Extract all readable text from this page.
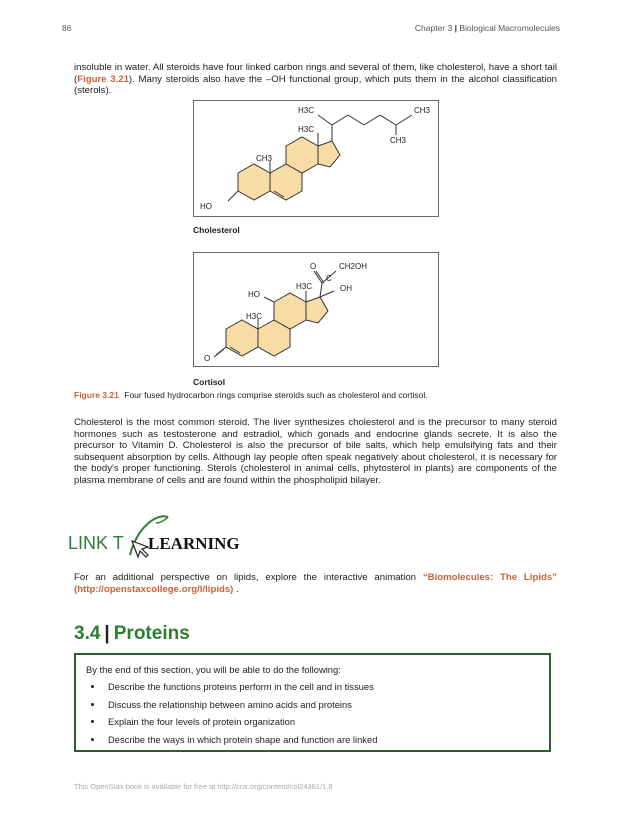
86	Chapter 3 | Biological Macromolecules
insoluble in water. All steroids have four linked carbon rings and several of them, like cholesterol, have a short tail (Figure 3.21). Many steroids also have the –OH functional group, which puts them in the alcohol classification (sterols).
H3C	CH3
CH3
H3C
CH3
HO
Cholesterol
O	CH2OH
C
H3C	OH
HO
H3C
O
Cortisol
Figure 3.21 Four fused hydrocarbon rings comprise steroids such as cholesterol and cortisol.
Cholesterol is the most common steroid. The liver synthesizes cholesterol and is the precursor to many steroid hormones such as testosterone and estradiol, which gonads and endocrine glands secrete. It is also the precursor to Vitamin D. Cholesterol is also the precursor of bile salts, which help emulsifying fats and their subsequent absorption by cells. Although lay people often speak negatively about cholesterol, it is necessary for the body's proper functioning. Sterols (cholesterol in animal cells, phytosterol in plants) are components of the plasma membrane of cells and are found within the phospholipid bilayer.
LINK T LEARNING
For an additional perspective on lipids, explore the interactive animation “Biomolecules: The Lipids” (http://openstaxcollege.org/l/lipids) .
3.4 | Proteins
By the end of this section, you will be able to do the following:
• Describe the functions proteins perform in the cell and in tissues
• Discuss the relationship between amino acids and proteins
• Explain the four levels of protein organization
• Describe the ways in which protein shape and function are linked
This OpenStax book is available for free at http://cnx.org/content/col24361/1.8
